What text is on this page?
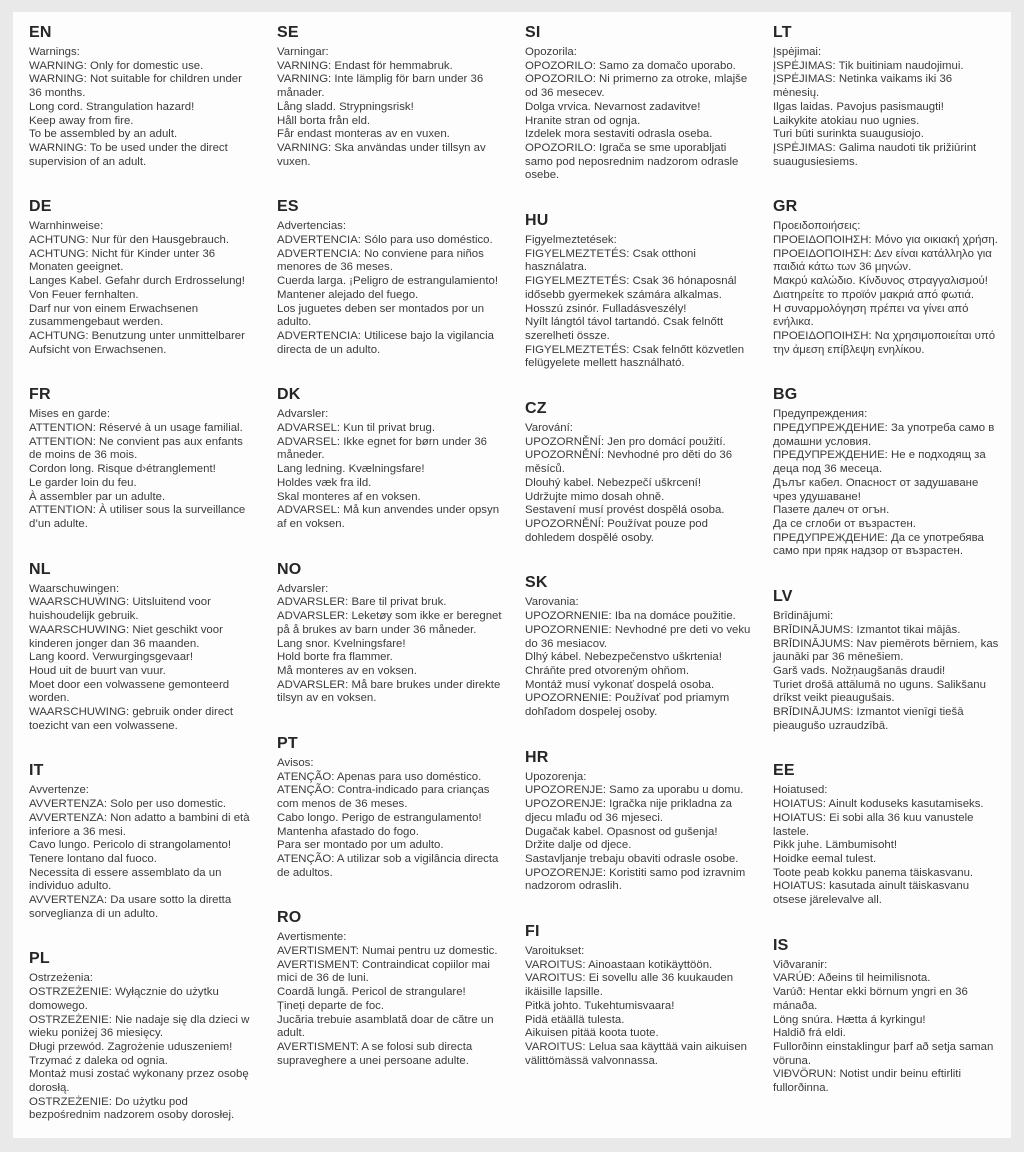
EN

Warnings:

WARNING: Only for domestic use.

WARNING: Not suitable for children under 36 months.

Long cord. Strangulation hazard!

Keep away from fire.

To be assembled by an adult.

WARNING: To be used under the direct supervision of an adult.

DE

Warnhinweise:

ACHTUNG: Nur für den Hausgebrauch.

ACHTUNG: Nicht für Kinder unter 36 Monaten geeignet.

Langes Kabel. Gefahr durch Erdrosselung!

Von Feuer fernhalten.

Darf nur von einem Erwachsenen zusammengebaut werden.

ACHTUNG: Benutzung unter unmittelbarer Aufsicht von Erwachsenen.

FR

Mises en garde:

ATTENTION: Réservé à un usage familial.

ATTENTION: Ne convient pas aux enfants de moins de 36 mois.

Cordon long. Risque d›étranglement!

Le garder loin du feu.

À assembler par un adulte.

ATTENTION: À utiliser sous la surveillance d’un adulte.

NL

Waarschuwingen:

WAARSCHUWING: Uitsluitend voor huishoudelijk gebruik.

WAARSCHUWING: Niet geschikt voor kinderen jonger dan 36 maanden.

Lang koord. Verwurgingsgevaar!

Houd uit de buurt van vuur.

Moet door een volwassene gemonteerd worden.

WAARSCHUWING: gebruik onder direct toezicht van een volwassene.

IT

Avvertenze:

AVVERTENZA: Solo per uso domestic.

AVVERTENZA: Non adatto a bambini di età inferiore a 36 mesi.

Cavo lungo. Pericolo di strangolamento!

Tenere lontano dal fuoco.

Necessita di essere assemblato da un individuo adulto.

AVVERTENZA: Da usare sotto la diretta sorveglianza di un adulto.

PL

Ostrzeżenia:

OSTRZEŻENIE: Wyłącznie do użytku domowego.

OSTRZEŻENIE: Nie nadaje się dla dzieci w wieku poniżej 36 miesięcy.

Długi przewód. Zagrożenie uduszeniem!

Trzymać z daleka od ognia.

Montaż musi zostać wykonany przez osobę dorosłą.

OSTRZEŻENIE: Do użytku pod bezpośrednim nadzorem osoby dorosłej.

SE

Varningar:

VARNING: Endast för hemmabruk.

VARNING: Inte lämplig för barn under 36 månader.

Lång sladd. Strypningsrisk!

Håll borta från eld.

Får endast monteras av en vuxen.

VARNING: Ska användas under tillsyn av vuxen.

ES

Advertencias:

ADVERTENCIA: Sólo para uso doméstico.

ADVERTENCIA: No conviene para niños menores de 36 meses.

Cuerda larga. ¡Peligro de estrangulamiento!

Mantener alejado del fuego.

Los juguetes deben ser montados por un adulto.

ADVERTENCIA: Utilicese bajo la vigilancia directa de un adulto.

DK

Advarsler:

ADVARSEL: Kun til privat brug.

ADVARSEL: Ikke egnet for børn under 36 måneder.

Lang ledning. Kvælningsfare!

Holdes væk fra ild.

Skal monteres af en voksen.

ADVARSEL: Må kun anvendes under opsyn af en voksen.

NO

Advarsler:

ADVARSLER: Bare til privat bruk.

ADVARSLER: Leketøy som ikke er beregnet på å brukes av barn under 36 måneder.

Lang snor. Kvelningsfare!

Hold borte fra flammer.

Må monteres av en voksen.

ADVARSLER: Må bare brukes under direkte tilsyn av en voksen.

PT

Avisos:

ATENÇÃO: Apenas para uso doméstico.

ATENÇÃO: Contra-indicado para crianças com menos de 36 meses.

Cabo longo. Perigo de estrangulamento!

Mantenha afastado do fogo.

Para ser montado por um adulto.

ATENÇÃO: A utilizar sob a vigilância directa de adultos.

RO

Avertismente:

AVERTISMENT: Numai pentru uz domestic.

AVERTISMENT: Contraindicat copiilor mai mici de 36 de luni.

Coardă lungă. Pericol de strangulare!

Țineți departe de foc.

Jucăria trebuie asamblată doar de către un adult.

AVERTISMENT: A se folosi sub directa supraveghere a unei persoane adulte.

SI

Opozorila:

OPOZORILO: Samo za domačo uporabo.

OPOZORILO: Ni primerno za otroke, mlajše od 36 mesecev.

Dolga vrvica. Nevarnost zadavitve!

Hranite stran od ognja.

Izdelek mora sestaviti odrasla oseba.

OPOZORILO: Igrača se sme uporabljati samo pod neposrednim nadzorom odrasle osebe.

HU

Figyelmeztetések:

FIGYELMEZTETÉS: Csak otthoni használatra.

FIGYELMEZTETÉS: Csak 36 hónaposnál idősebb gyermekek számára alkalmas. Hosszú zsinór. Fulladásveszély!

Nyílt lángtól távol tartandó. Csak felnőtt szerelheti össze.

FIGYELMEZTETÉS: Csak felnőtt közvetlen felügyelete mellett használható.

CZ

Varování:

UPOZORNĚNÍ: Jen pro domácí použití.

UPOZORNĚNÍ: Nevhodné pro děti do 36 měsíců.

Dlouhý kabel. Nebezpečí uškrcení!

Udržujte mimo dosah ohně.

Sestavení musí provést dospělá osoba.

UPOZORNĚNÍ: Používat pouze pod dohledem dospělé osoby.

SK

Varovania:

UPOZORNENIE: Iba na domáce použitie.

UPOZORNENIE: Nevhodné pre deti vo veku do 36 mesiacov.

Dlhý kábel. Nebezpečenstvo uškrtenia!

Chráňte pred otvoreným ohňom.

Montáž musí vykonať dospelá osoba.

UPOZORNENIE: Používať pod priamym dohľadom dospelej osoby.

HR

Upozorenja:

UPOZORENJE: Samo za uporabu u domu.

UPOZORENJE: Igračka nije prikladna za djecu mlađu od 36 mjeseci.

Dugačak kabel. Opasnost od gušenja!

Držite dalje od djece.

Sastavljanje trebaju obaviti odrasle osobe.

UPOZORENJE: Koristiti samo pod izravnim nadzorom odraslih.

FI

Varoitukset:

VAROITUS: Ainoastaan kotikäyttöön.

VAROITUS: Ei sovellu alle 36 kuukauden ikäisille lapsille.

Pitkä johto. Tukehtumisvaara!

Pidä etäällä tulesta.

Aikuisen pitää koota tuote.

VAROITUS: Lelua saa käyttää vain aikuisen välittömässä valvonnassa.

LT

Įspėjimai:

ĮSPĖJIMAS: Tik buitiniam naudojimui. ĮSPĖJIMAS: Netinka vaikams iki 36 mėnesių.

Ilgas laidas. Pavojus pasismaugti!

Laikykite atokiau nuo ugnies.

Turi būti surinkta suaugusiojo.

ĮSPĖJIMAS: Galima naudoti tik prižiūrint suaugusiesiems.

GR

Προειδοποιήσεις:

ΠΡΟΕΙΔΟΠΟΙΗΣΗ: Μόνο για οικιακή χρήση.

ΠΡΟΕΙΔΟΠΟΙΗΣΗ: Δεν είναι κατάλληλο για παιδιά κάτω των 36 μηνών.

Μακρύ καλώδιο. Κίνδυνος στραγγαλισμού!

Διατηρείτε το προϊόν μακριά από φωτιά.

Η συναρμολόγηση πρέπει να γίνει από ενήλικα.

ΠΡΟΕΙΔΟΠΟΙΗΣΗ: Να χρησιμοποιείται υπό την άμεση επίβλεψη ενηλίκου.

BG

Предупреждения:

ПРЕДУПРЕЖДЕНИЕ: За употреба само в домашни условия.

ПРЕДУПРЕЖДЕНИЕ: Не е подходящ за деца под 36 месеца.

Дълъг кабел. Опасност от задушаване чрез удушаване!

Пазете далеч от огън.

Да се сглоби от възрастен.

ПРЕДУПРЕЖДЕНИЕ: Да се употребява само при пряк надзор от възрастен.

LV

Brīdinājumi:

BRĪDINĀJUMS: Izmantot tikai mājās.

BRĪDINĀJUMS: Nav piemērots bērniem, kas jaunāki par 36 mēnešiem.

Garš vads. Nožņaugšanās draudi!

Turiet drošā attālumā no uguns. Salikšanu drīkst veikt pieaugušais.

BRĪDINĀJUMS: Izmantot vienīgi tiešā pieaugušo uzraudzībā.

EE

Hoiatused:

HOIATUS: Ainult koduseks kasutamiseks.

HOIATUS: Ei sobi alla 36 kuu vanustele lastele.

Pikk juhe. Lämbumisoht!

Hoidke eemal tulest.

Toote peab kokku panema täiskasvanu.

HOIATUS: kasutada ainult täiskasvanu otsese järelevalve all.

IS

Viðvaranir:

VARÚÐ: Aðeins til heimilisnota.

Varúð: Hentar ekki börnum yngri en 36 mánaða.

Löng snúra. Hætta á kyrkingu!

Haldið frá eldi.

Fullorðinn einstaklingur þarf að setja saman vöruna.

VIÐVÖRUN: Notist undir beinu eftirliti fullorðinna.
